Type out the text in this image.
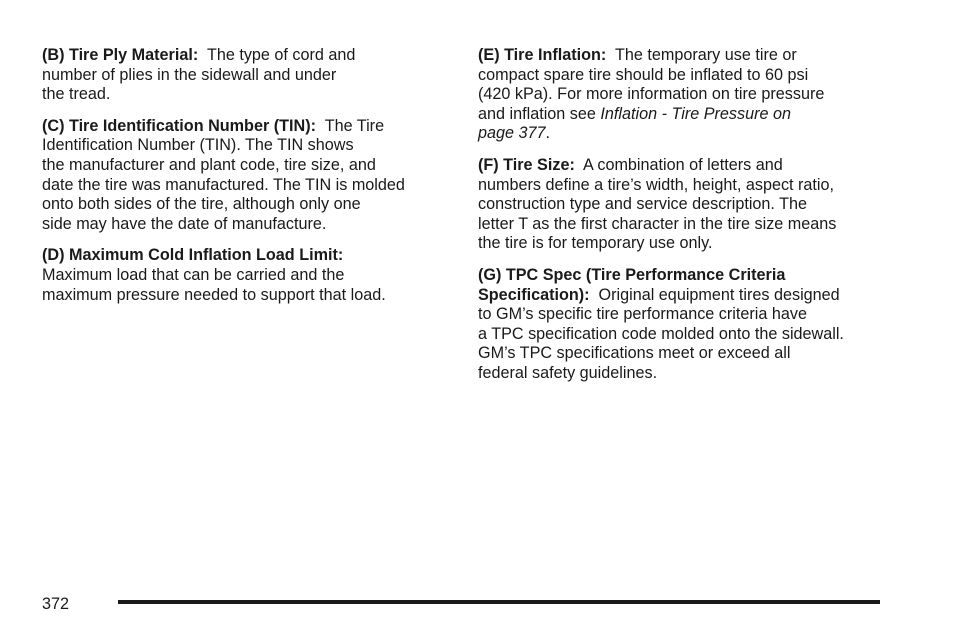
(B) Tire Ply Material: The type of cord and
number of plies in the sidewall and under
the tread.

(C) Tire Identification Number (TIN): The Tire
Identification Number (TIN). The TIN shows
the manufacturer and plant code, tire size, and
date the tire was manufactured. The TIN is molded
onto both sides of the tire, although only one
side may have the date of manufacture.

(D) Maximum Cold Inflation Load Limit:
Maximum load that can be carried and the
maximum pressure needed to support that load.

(E) Tire Inflation: The temporary use tire or
compact spare tire should be inflated to 60 psi
(420 kPa). For more information on tire pressure
and inflation see Inflation - Tire Pressure on
page 377.

(F) Tire Size: A combination of letters and
numbers define a tire’s width, height, aspect ratio,
construction type and service description. The
letter T as the first character in the tire size means
the tire is for temporary use only.

(G) TPC Spec (Tire Performance Criteria
Specification): Original equipment tires designed
to GM’s specific tire performance criteria have
a TPC specification code molded onto the sidewall.
GM’s TPC specifications meet or exceed all
federal safety guidelines.

372
